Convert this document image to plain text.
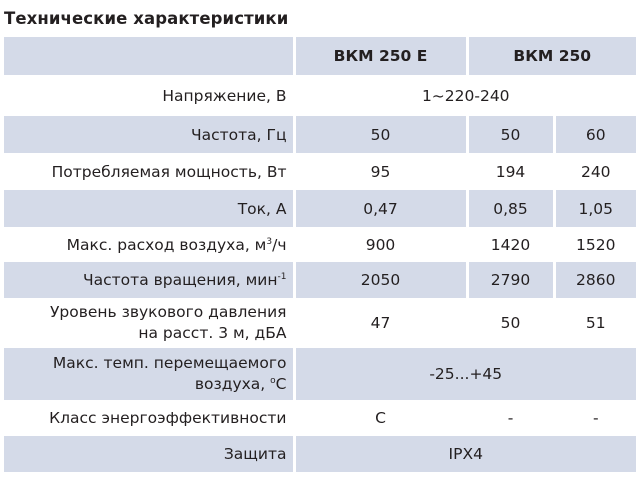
Технические характеристики
	ВКМ 250 Е	ВКМ 250	
Напряжение, В	1~220-240		
Частота, Гц	50	50	60
Потребляемая мощность, Вт	95	194	240
Ток, А	0,47	0,85	1,05
Макс. расход воздуха, $м^3/ч$	900	1420	1520
Частота вращения, мин$^{-1}$	2050	2790	2860

Уровень звукового давления
на расст. 3 м, дБА	47	50	51

Макс. темп. перемещаемого
воздуха, $^о$С	-25...+45		
Класс энергоэффективности	C	-	-
Защита	IPX4		
